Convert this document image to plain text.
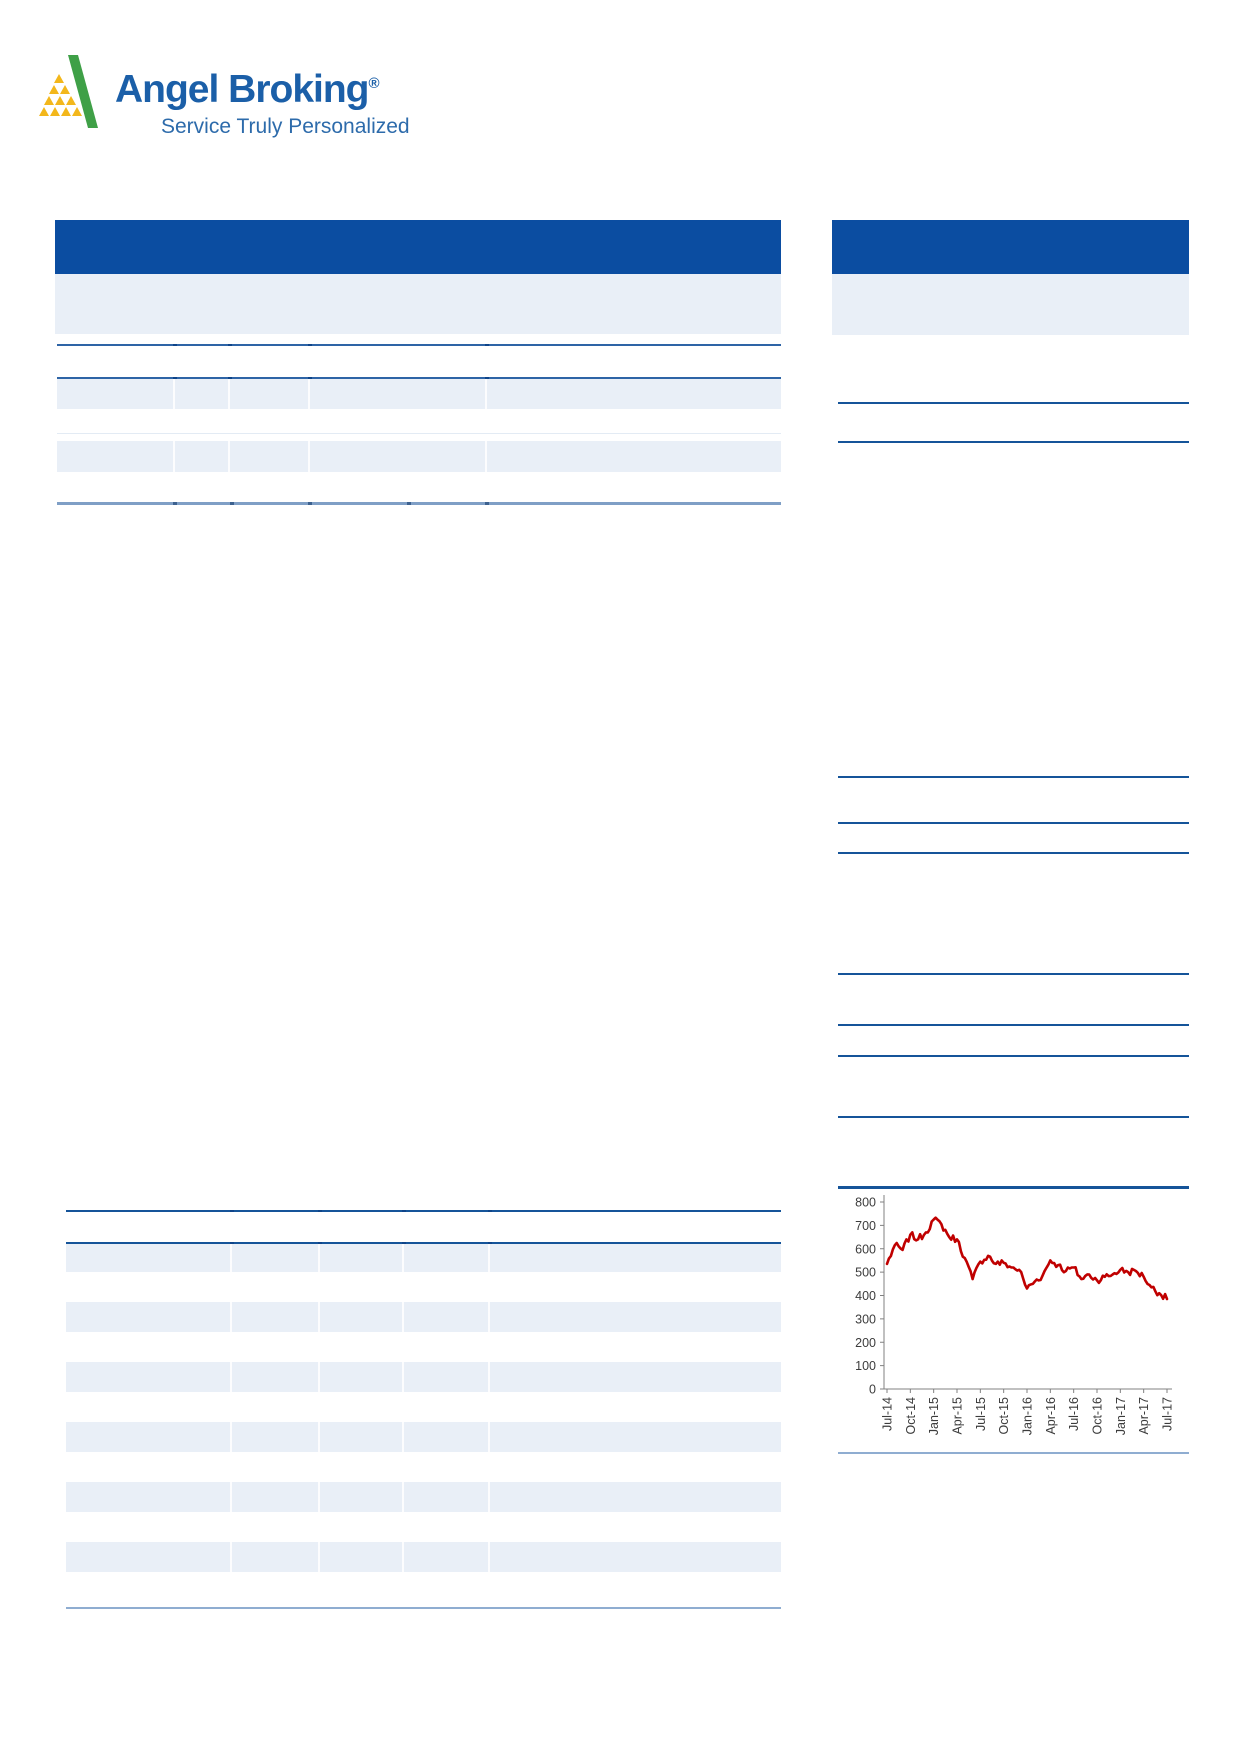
Angel Broking®
Service Truly Personalized
0
100
200
300
400
500
600
700
800
Jul-14 Oct-14 Jan-15 Apr-15 Jul-15 Oct-15 Jan-16 Apr-16 Jul-16 Oct-16 Jan-17 Apr-17 Jul-17
